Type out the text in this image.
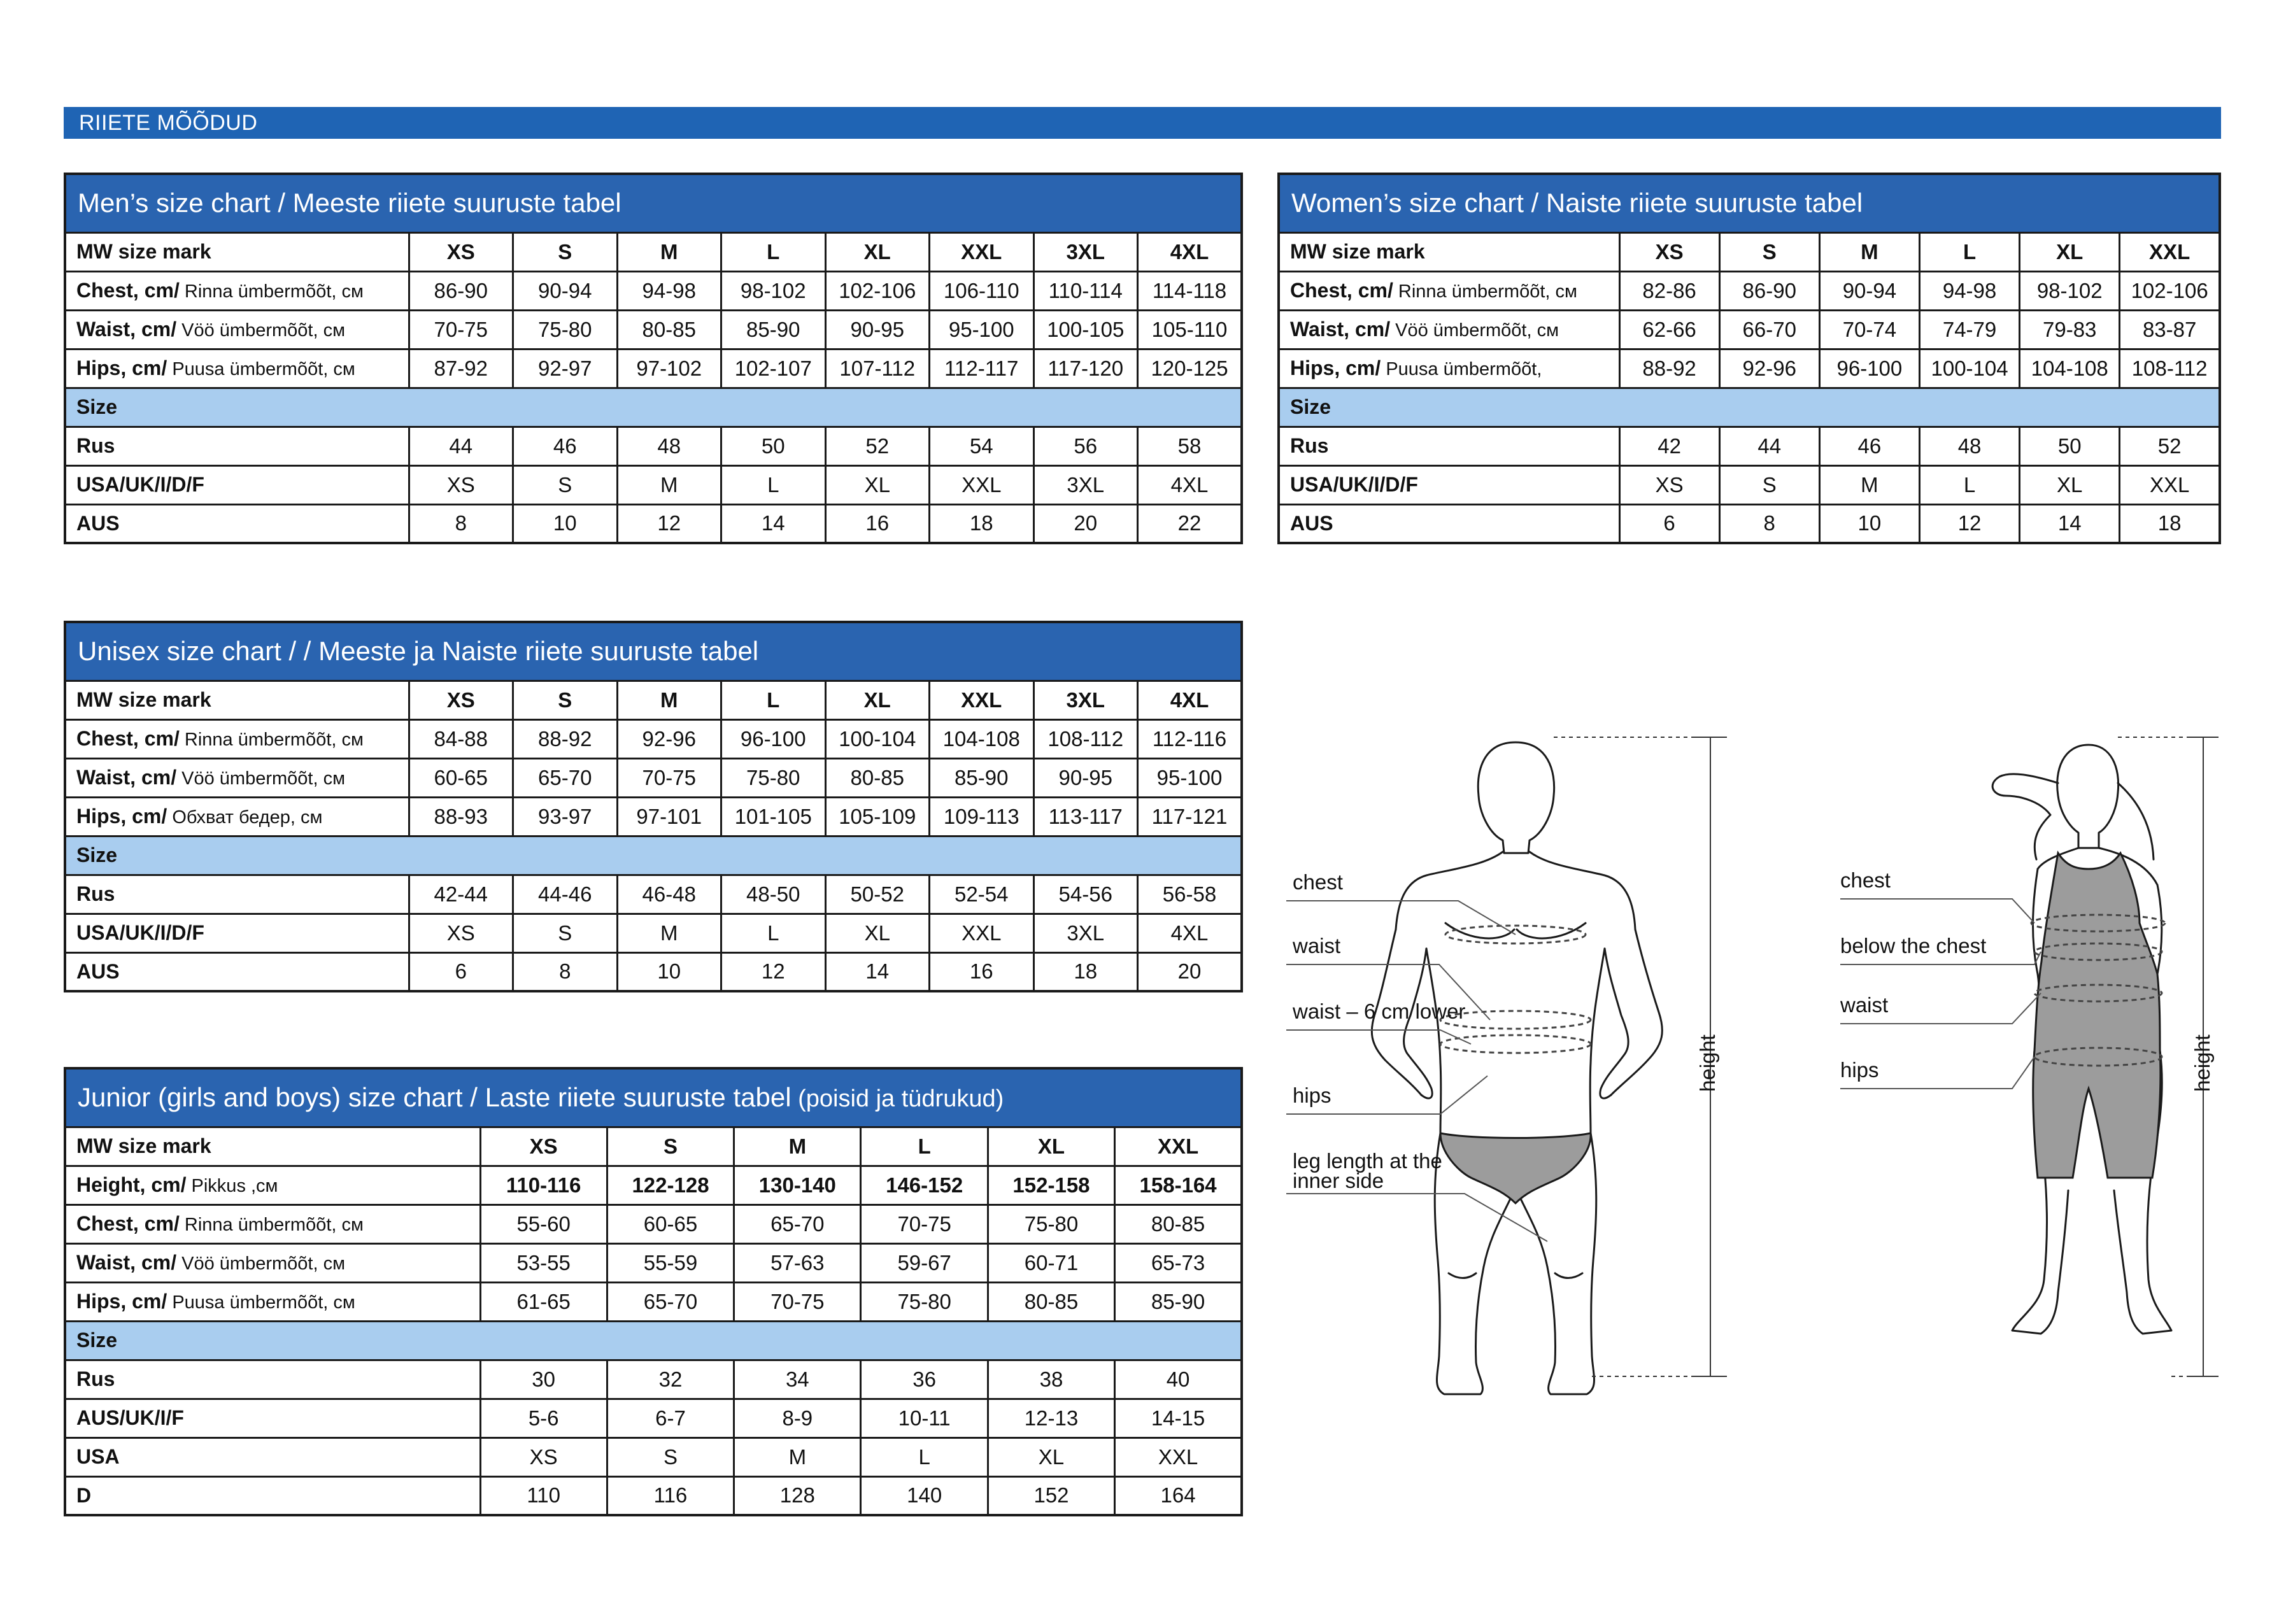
RIIETE MÕÕDUD
Men’s size chart / Meeste riiete suuruste tabel								
MW size mark	XS	S	M	L	XL	XXL	3XL	4XL
Chest, cm/ Rinna ümbermõõt, см	86-90	90-94	94-98	98-102	102-106	106-110	110-114	114-118
Waist, cm/ Vöö ümbermõõt, см	70-75	75-80	80-85	85-90	90-95	95-100	100-105	105-110
Hips, cm/ Puusa ümbermõõt, см	87-92	92-97	97-102	102-107	107-112	112-117	117-120	120-125
Size								
Rus	44	46	48	50	52	54	56	58
USA/UK/I/D/F	XS	S	M	L	XL	XXL	3XL	4XL
AUS	8	10	12	14	16	18	20	22
Women’s size chart / Naiste riiete suuruste tabel						
MW size mark	XS	S	M	L	XL	XXL
Chest, cm/ Rinna ümbermõõt, см	82-86	86-90	90-94	94-98	98-102	102-106
Waist, cm/ Vöö ümbermõõt, см	62-66	66-70	70-74	74-79	79-83	83-87
Hips, cm/ Puusa ümbermõõt,	88-92	92-96	96-100	100-104	104-108	108-112
Size						
Rus	42	44	46	48	50	52
USA/UK/I/D/F	XS	S	M	L	XL	XXL
AUS	6	8	10	12	14	18
Unisex size chart / / Meeste ja Naiste riiete suuruste tabel								
MW size mark	XS	S	M	L	XL	XXL	3XL	4XL
Chest, cm/ Rinna ümbermõõt, см	84-88	88-92	92-96	96-100	100-104	104-108	108-112	112-116
Waist, cm/ Vöö ümbermõõt, см	60-65	65-70	70-75	75-80	80-85	85-90	90-95	95-100
Hips, cm/ Обхват бедер, см	88-93	93-97	97-101	101-105	105-109	109-113	113-117	117-121
Size								
Rus	42-44	44-46	46-48	48-50	50-52	52-54	54-56	56-58
USA/UK/I/D/F	XS	S	M	L	XL	XXL	3XL	4XL
AUS	6	8	10	12	14	16	18	20
Junior (girls and boys) size chart / Laste riiete suuruste tabel (poisid ja tüdrukud)						
MW size mark	XS	S	M	L	XL	XXL
Height, cm/ Pikkus ,см	110-116	122-128	130-140	146-152	152-158	158-164
Chest, cm/ Rinna ümbermõõt, см	55-60	60-65	65-70	70-75	75-80	80-85
Waist, cm/ Vöö ümbermõõt, см	53-55	55-59	57-63	59-67	60-71	65-73
Hips, cm/ Puusa ümbermõõt, см	61-65	65-70	70-75	75-80	80-85	85-90
Size						
Rus	30	32	34	36	38	40
AUS/UK/I/F	5-6	6-7	8-9	10-11	12-13	14-15
USA	XS	S	M	L	XL	XXL
D	110	116	128	140	152	164
chest
waist
waist – 6 cm lower
hips
leg length at the
inner side
height
chest
below the chest
waist
hips	height
